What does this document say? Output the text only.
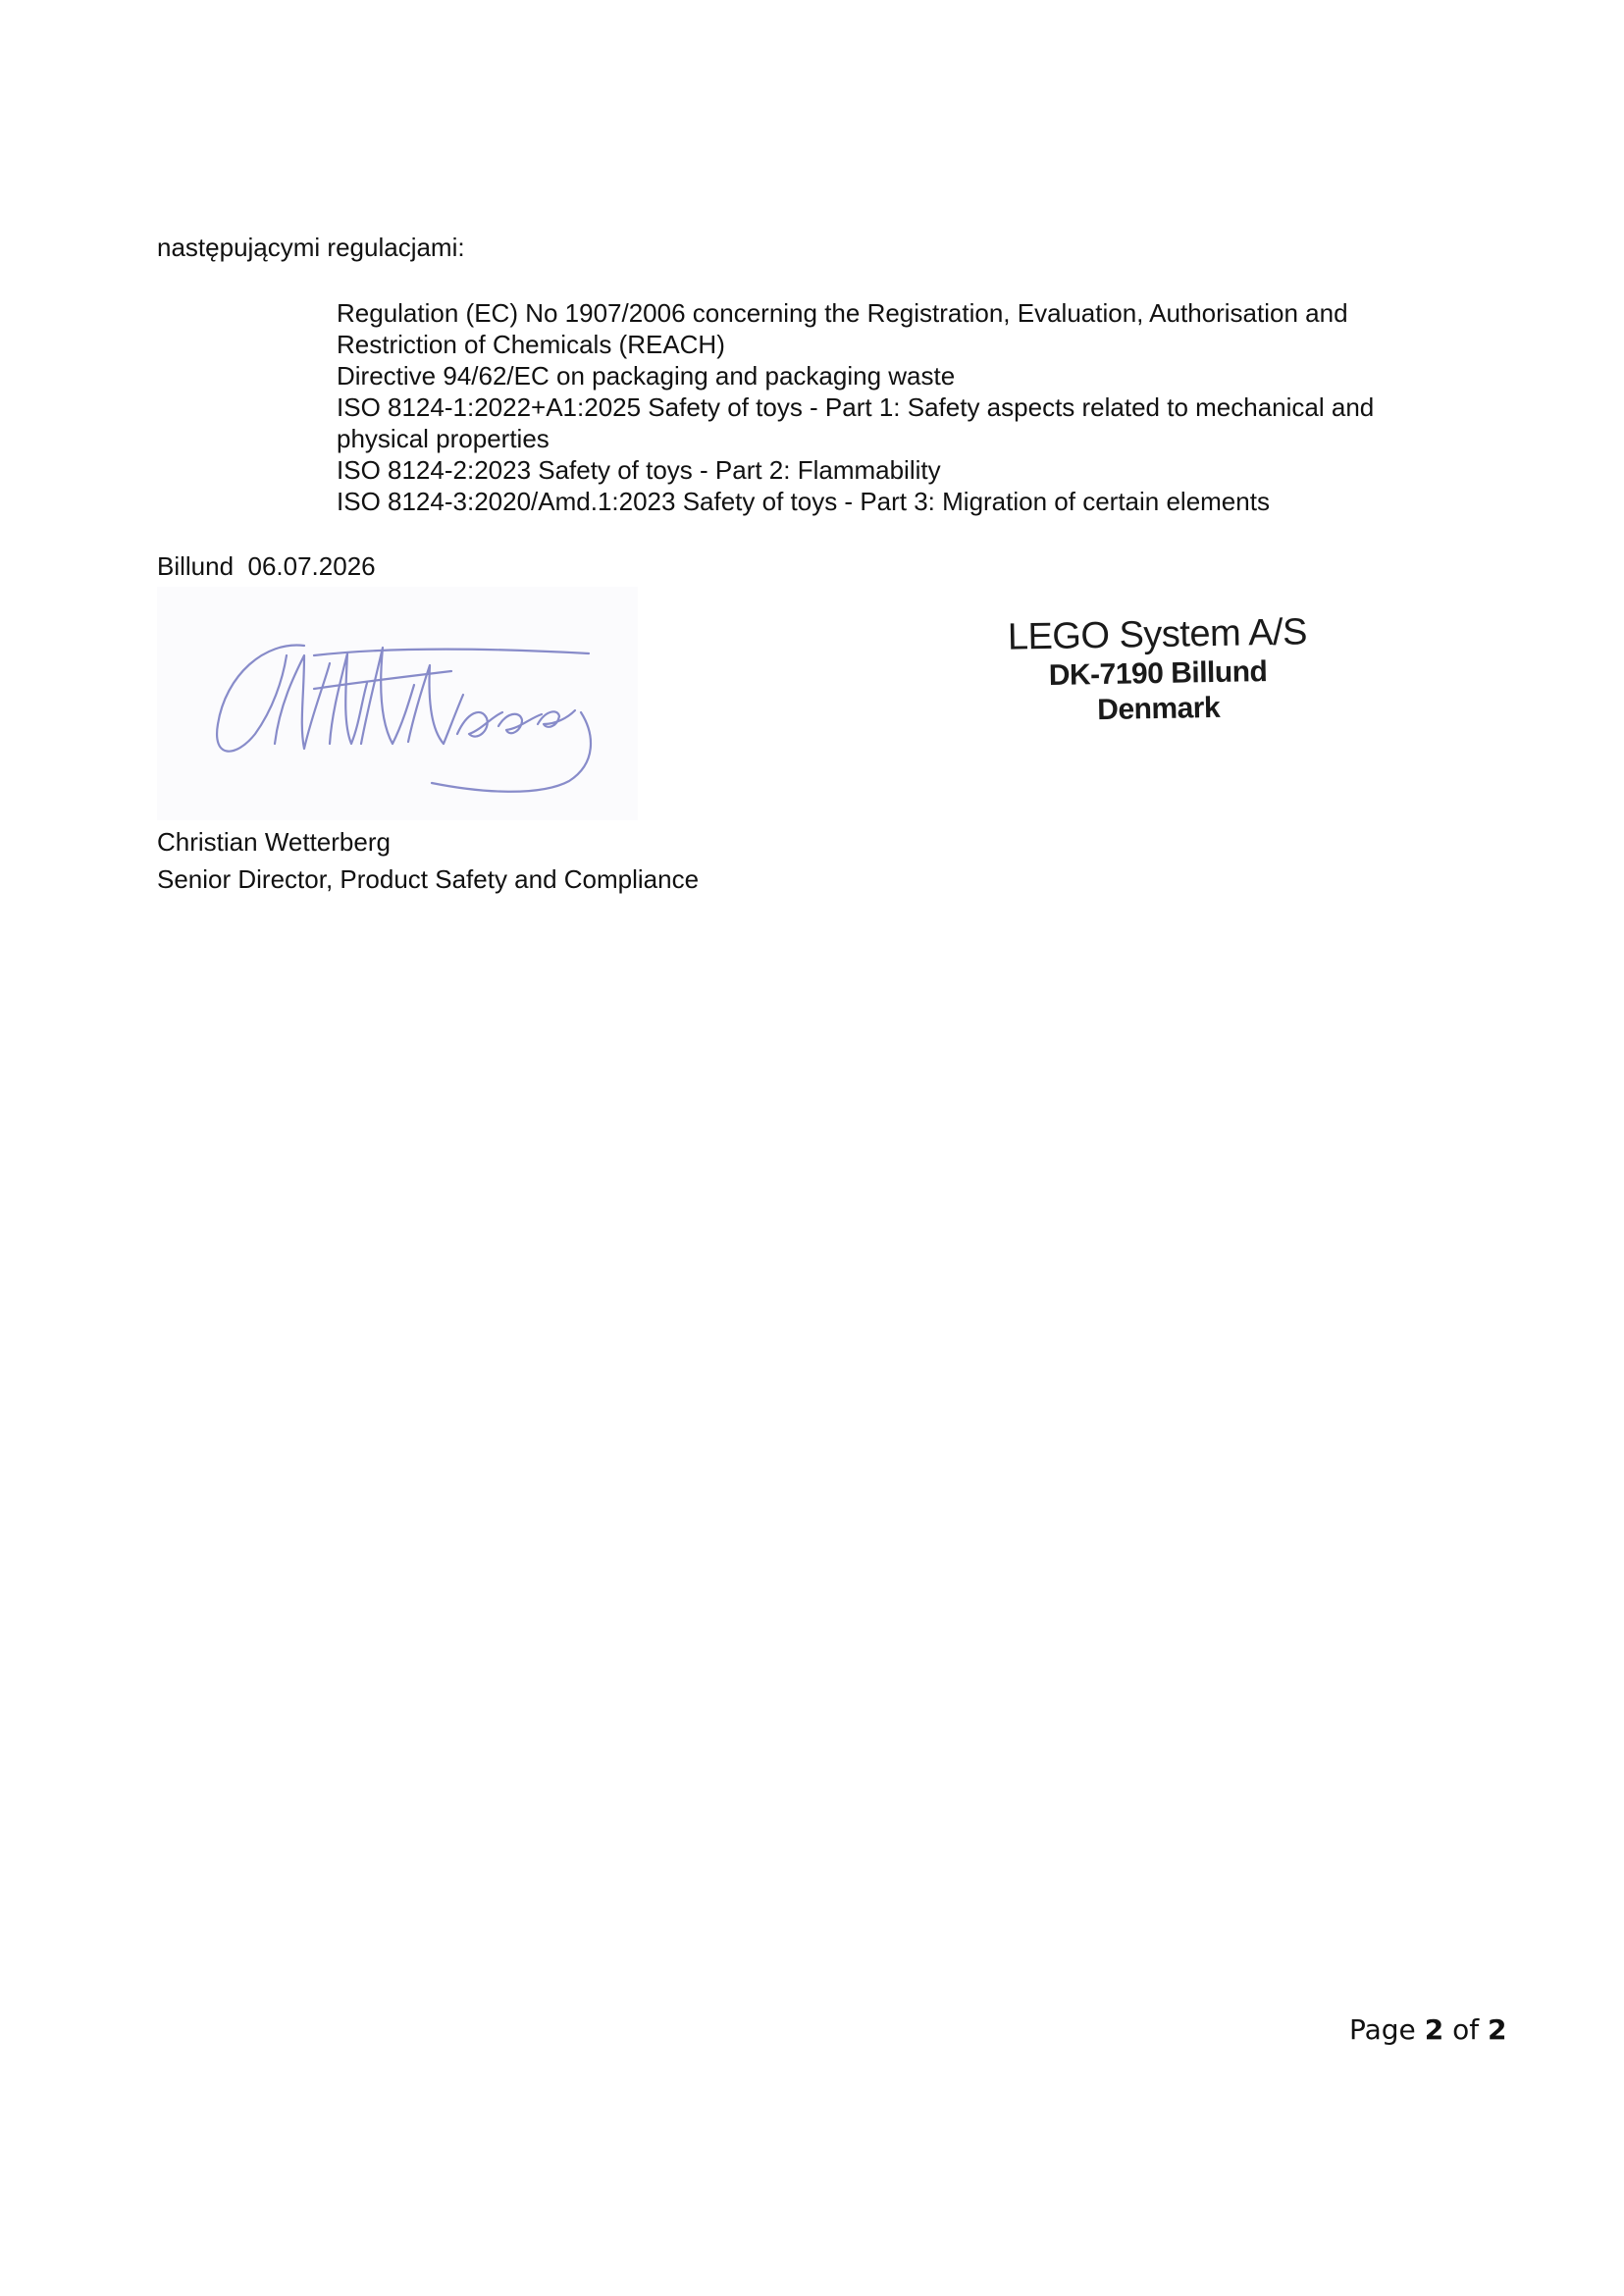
następującymi regulacjami:
Regulation (EC) No 1907/2006 concerning the Registration, Evaluation, Authorisation and Restriction of Chemicals (REACH)
Directive 94/62/EC on packaging and packaging waste
ISO 8124-1:2022+A1:2025 Safety of toys - Part 1: Safety aspects related to mechanical and physical properties
ISO 8124-2:2023 Safety of toys - Part 2: Flammability
ISO 8124-3:2020/Amd.1:2023 Safety of toys - Part 3: Migration of certain elements
Billund  06.07.2026
LEGO System A/S
DK-7190 Billund
Denmark
Christian Wetterberg
Senior Director, Product Safety and Compliance
Page 2 of 2
